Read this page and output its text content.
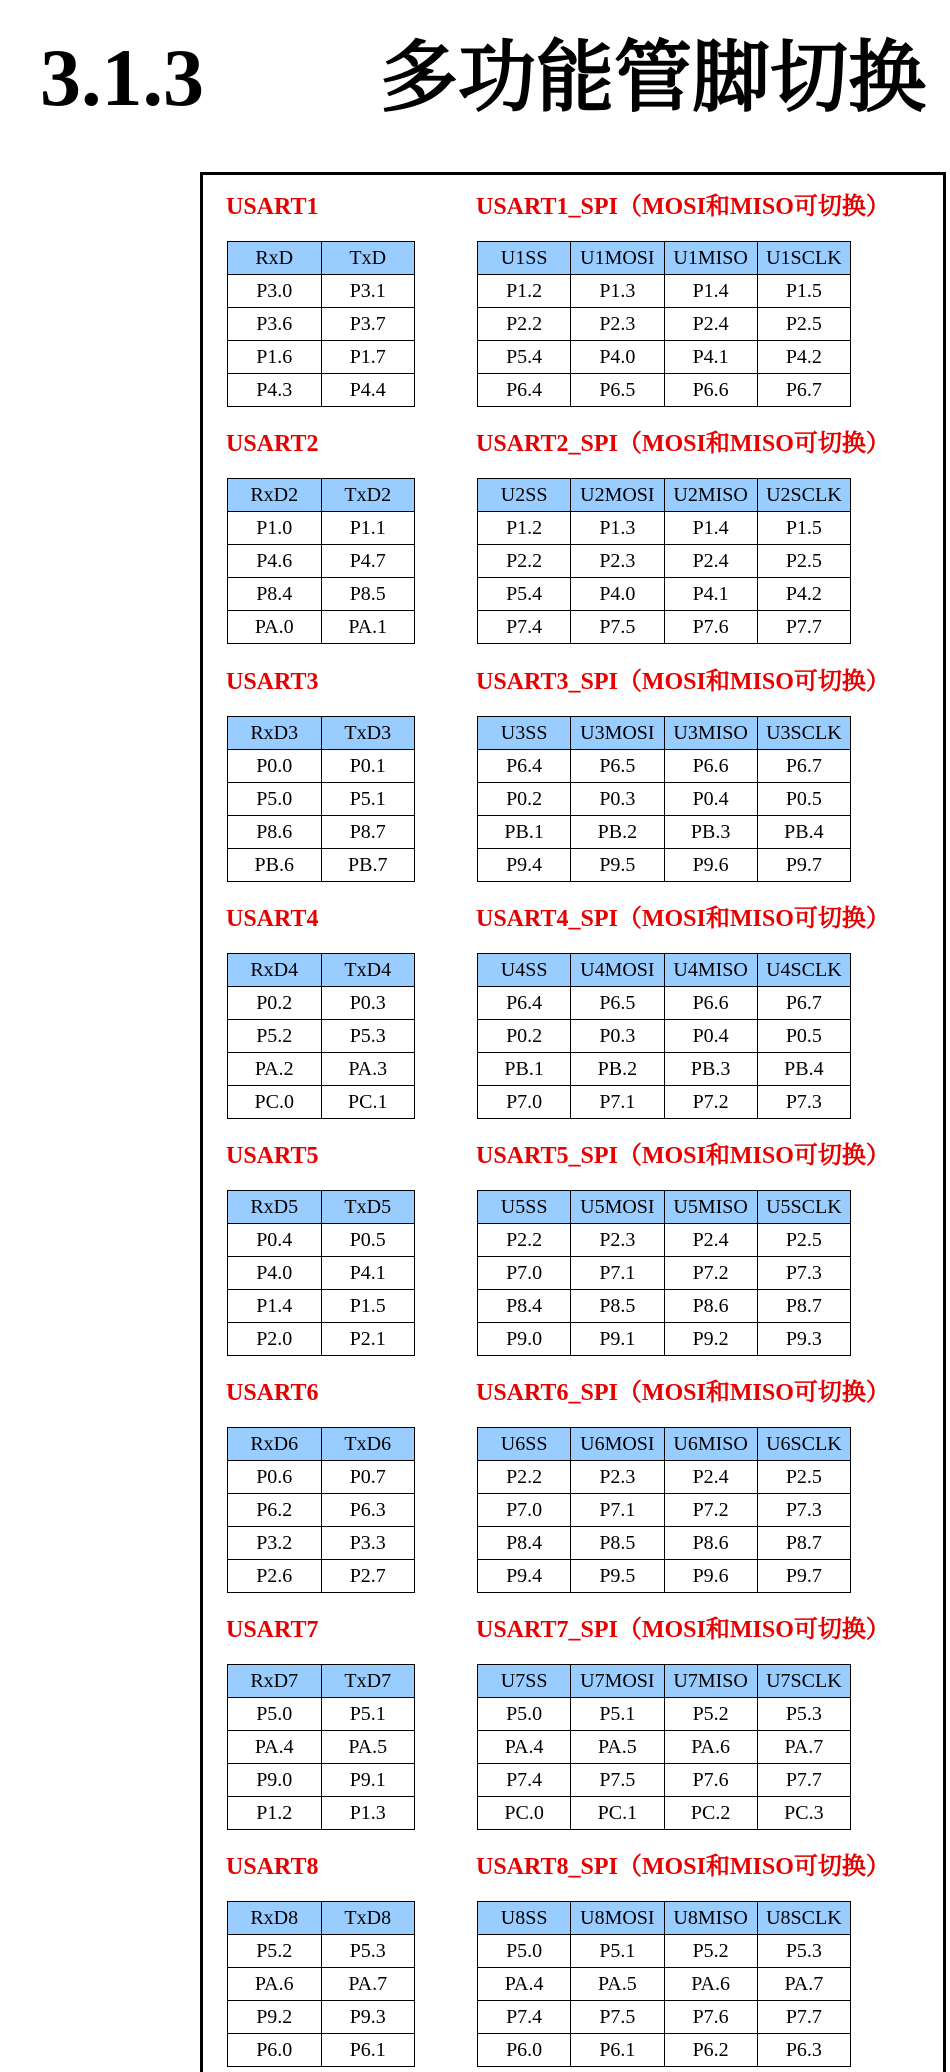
3.1.3 多功能管脚切换
USART1	USART1_SPI（MOSI和MISO可切换）
RxD	TxD
P3.0	P3.1
P3.6	P3.7
P1.6	P1.7
P4.3	P4.4
U1SS	U1MOSI	U1MISO	U1SCLK
P1.2	P1.3	P1.4	P1.5
P2.2	P2.3	P2.4	P2.5
P5.4	P4.0	P4.1	P4.2
P6.4	P6.5	P6.6	P6.7
USART2	USART2_SPI（MOSI和MISO可切换）
RxD2	TxD2
P1.0	P1.1
P4.6	P4.7
P8.4	P8.5
PA.0	PA.1
U2SS	U2MOSI	U2MISO	U2SCLK
P1.2	P1.3	P1.4	P1.5
P2.2	P2.3	P2.4	P2.5
P5.4	P4.0	P4.1	P4.2
P7.4	P7.5	P7.6	P7.7
USART3	USART3_SPI（MOSI和MISO可切换）
RxD3	TxD3
P0.0	P0.1
P5.0	P5.1
P8.6	P8.7
PB.6	PB.7
U3SS	U3MOSI	U3MISO	U3SCLK
P6.4	P6.5	P6.6	P6.7
P0.2	P0.3	P0.4	P0.5
PB.1	PB.2	PB.3	PB.4
P9.4	P9.5	P9.6	P9.7
USART4	USART4_SPI（MOSI和MISO可切换）
RxD4	TxD4
P0.2	P0.3
P5.2	P5.3
PA.2	PA.3
PC.0	PC.1
U4SS	U4MOSI	U4MISO	U4SCLK
P6.4	P6.5	P6.6	P6.7
P0.2	P0.3	P0.4	P0.5
PB.1	PB.2	PB.3	PB.4
P7.0	P7.1	P7.2	P7.3
USART5	USART5_SPI（MOSI和MISO可切换）
RxD5	TxD5
P0.4	P0.5
P4.0	P4.1
P1.4	P1.5
P2.0	P2.1
U5SS	U5MOSI	U5MISO	U5SCLK
P2.2	P2.3	P2.4	P2.5
P7.0	P7.1	P7.2	P7.3
P8.4	P8.5	P8.6	P8.7
P9.0	P9.1	P9.2	P9.3
USART6	USART6_SPI（MOSI和MISO可切换）
RxD6	TxD6
P0.6	P0.7
P6.2	P6.3
P3.2	P3.3
P2.6	P2.7
U6SS	U6MOSI	U6MISO	U6SCLK
P2.2	P2.3	P2.4	P2.5
P7.0	P7.1	P7.2	P7.3
P8.4	P8.5	P8.6	P8.7
P9.4	P9.5	P9.6	P9.7
USART7	USART7_SPI（MOSI和MISO可切换）
RxD7	TxD7
P5.0	P5.1
PA.4	PA.5
P9.0	P9.1
P1.2	P1.3
U7SS	U7MOSI	U7MISO	U7SCLK
P5.0	P5.1	P5.2	P5.3
PA.4	PA.5	PA.6	PA.7
P7.4	P7.5	P7.6	P7.7
PC.0	PC.1	PC.2	PC.3
USART8	USART8_SPI（MOSI和MISO可切换）
RxD8	TxD8
P5.2	P5.3
PA.6	PA.7
P9.2	P9.3
P6.0	P6.1
U8SS	U8MOSI	U8MISO	U8SCLK
P5.0	P5.1	P5.2	P5.3
PA.4	PA.5	PA.6	PA.7
P7.4	P7.5	P7.6	P7.7
P6.0	P6.1	P6.2	P6.3
